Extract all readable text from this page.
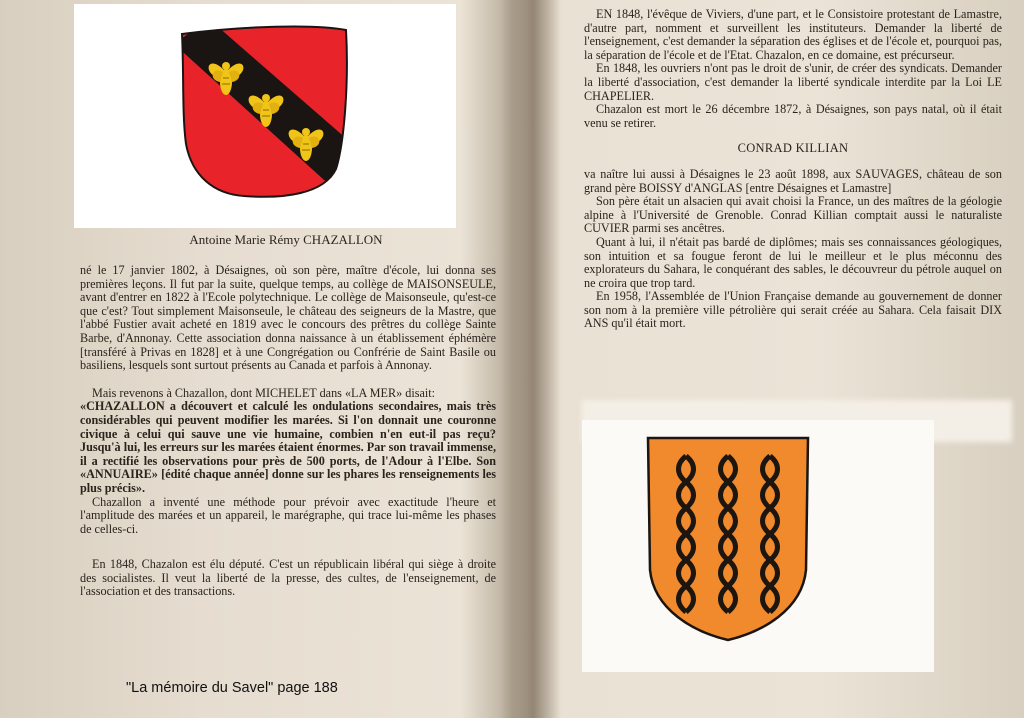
Antoine Marie Rémy CHAZALLON

né le 17 janvier 1802, à Désaignes, où son père, maître d'école, lui donna ses premières leçons. Il fut par la suite, quelque temps, au collège de MAISONSEULE, avant d'entrer en 1822 à l'Ecole polytechnique. Le collège de Maisonseule, qu'est-ce que c'est? Tout simplement Maisonseule, le château des seigneurs de la Mastre, que l'abbé Fustier avait acheté en 1819 avec le concours des prêtres du collège Sainte Barbe, d'Annonay. Cette association donna naissance à un établissement éphémère [transféré à Privas en 1828] et à une Congrégation ou Confrérie de Saint Basile ou basiliens, lesquels sont surtout présents au Canada et parfois à Annonay.

Mais revenons à Chazallon, dont MICHELET dans «LA MER» disait:

«CHAZALLON a découvert et calculé les ondulations secondaires, mais très considérables qui peuvent modifier les marées. Si l'on donnait une couronne civique à celui qui sauve une vie humaine, combien n'en eut-il pas reçu? Jusqu'à lui, les erreurs sur les marées étaient énormes. Par son travail immense, il a rectifié les observations pour près de 500 ports, de l'Adour à l'Elbe. Son «ANNUAIRE» [édité chaque année] donne sur les phares les renseignements les plus précis».

Chazallon a inventé une méthode pour prévoir avec exactitude l'heure et l'amplitude des marées et un appareil, le marégraphe, qui trace lui-même les phases de celles-ci.

En 1848, Chazalon est élu député. C'est un républicain libéral qui siège à droite des socialistes. Il veut la liberté de la presse, des cultes, de l'enseignement, de l'association et des transactions.

"La mémoire du Savel" page 188

EN 1848, l'évêque de Viviers, d'une part, et le Consistoire protestant de Lamastre, d'autre part, nomment et surveillent les instituteurs. Demander la liberté de l'enseignement, c'est demander la séparation des églises et de l'école et, pourquoi pas, la séparation de l'école et de l'Etat. Chazalon, en ce domaine, est précurseur.

En 1848, les ouvriers n'ont pas le droit de s'unir, de créer des syndicats. Demander la liberté d'association, c'est demander la liberté syndicale interdite par la Loi LE CHAPELIER.

Chazalon est mort le 26 décembre 1872, à Désaignes, son pays natal, où il était venu se retirer.

CONRAD KILLIAN

va naître lui aussi à Désaignes le 23 août 1898, aux SAUVAGES, château de son grand père BOISSY d'ANGLAS [entre Désaignes et Lamastre]

Son père était un alsacien qui avait choisi la France, un des maîtres de la géologie alpine à l'Université de Grenoble. Conrad Killian comptait aussi le naturaliste CUVIER parmi ses ancêtres.

Quant à lui, il n'était pas bardé de diplômes; mais ses connaissances géologiques, son intuition et sa fougue feront de lui le meilleur et le plus méconnu des explorateurs du Sahara, le conquérant des sables, le découvreur du pétrole auquel on ne croira que trop tard.

En 1958, l'Assemblée de l'Union Française demande au gouvernement de donner son nom à la première ville pétrolière qui serait créée au Sahara. Cela faisait DIX ANS qu'il était mort.
